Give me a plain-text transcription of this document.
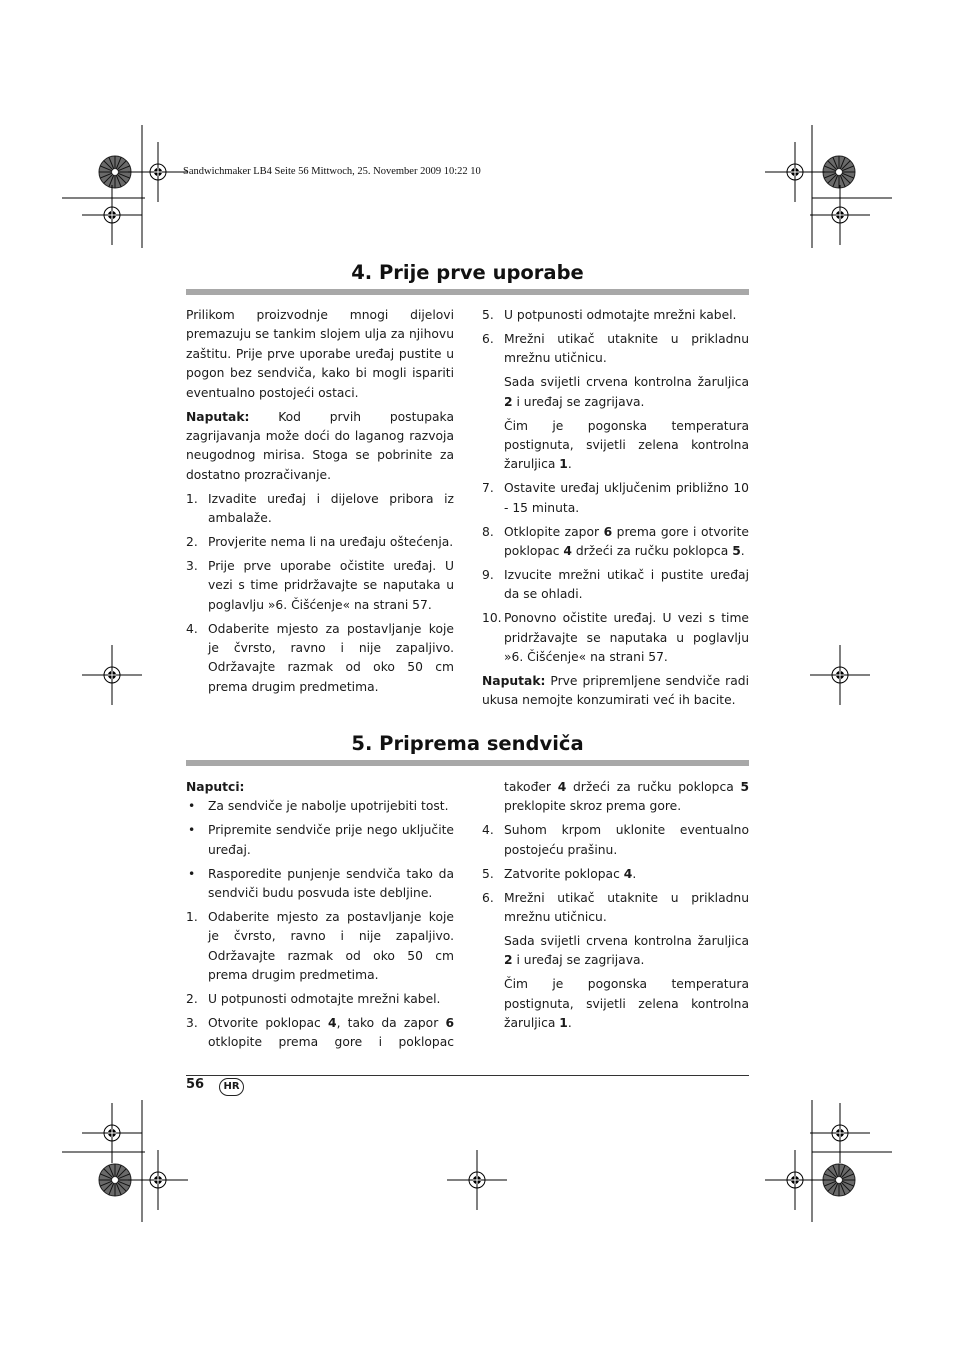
Sandwichmaker LB4 Seite 56 Mittwoch, 25. November 2009 10:22 10
4. Prije prve uporabe

Prilikom proizvodnje mnogi dijelovi premazuju se tankim slojem ulja za njihovu zaštitu. Prije prve uporabe uređaj pustite u pogon bez sendviča, kako bi mogli ispariti eventualno postojeći ostaci.

Naputak: Kod prvih postupaka zagrijavanja može doći do laganog razvoja neugodnog mirisa. Stoga se pobrinite za dostatno prozračivanje.

1. Izvadite uređaj i dijelove pribora iz ambalaže.
2. Provjerite nema li na uređaju oštećenja.
3. Prije prve uporabe očistite uređaj. U vezi s time pridržavajte se naputaka u poglavlju »6. Čišćenje« na strani 57.
4. Odaberite mjesto za postavljanje koje je čvrsto, ravno i nije zapaljivo. Održavajte razmak od oko 50 cm prema drugim predmetima.
5. U potpunosti odmotajte mrežni kabel.
6. Mrežni utikač utaknite u prikladnu mrežnu utičnicu.
Sada svijetli crvena kontrolna žaruljica 2 i uređaj se zagrijava.
Čim je pogonska temperatura postignuta, svijetli zelena kontrolna žaruljica 1.
7. Ostavite uređaj uključenim približno 10 - 15 minuta.
8. Otklopite zapor 6 prema gore i otvorite poklopac 4 držeći za ručku poklopca 5.
9. Izvucite mrežni utikač i pustite uređaj da se ohladi.
10. Ponovno očistite uređaj. U vezi s time pridržavajte se naputaka u poglavlju »6. Čišćenje« na strani 57.

Naputak: Prve pripremljene sendviče radi ukusa nemojte konzumirati već ih bacite.

5. Priprema sendviča

Naputci:

•	Za sendviče je nabolje upotrijebiti tost.
•	Pripremite sendviče prije nego uključite uređaj.
•	Rasporedite punjenje sendviča tako da sendviči budu posvuda iste debljine.
1. Odaberite mjesto za postavljanje koje je čvrsto, ravno i nije zapaljivo. Održavajte razmak od oko 50 cm prema drugim predmetima.
2. U potpunosti odmotajte mrežni kabel.
3. Otvorite poklopac 4, tako da zapor 6 otklopite prema gore i poklopac
također 4 držeći za ručku poklopca 5 preklopite skroz prema gore.
4. Suhom krpom uklonite eventualno postojeću prašinu.
5. Zatvorite poklopac 4.
6. Mrežni utikač utaknite u prikladnu mrežnu utičnicu.
Sada svijetli crvena kontrolna žaruljica 2 i uređaj se zagrijava.
Čim je pogonska temperatura postignuta, svijetli zelena kontrolna žaruljica 1.
56	HR
